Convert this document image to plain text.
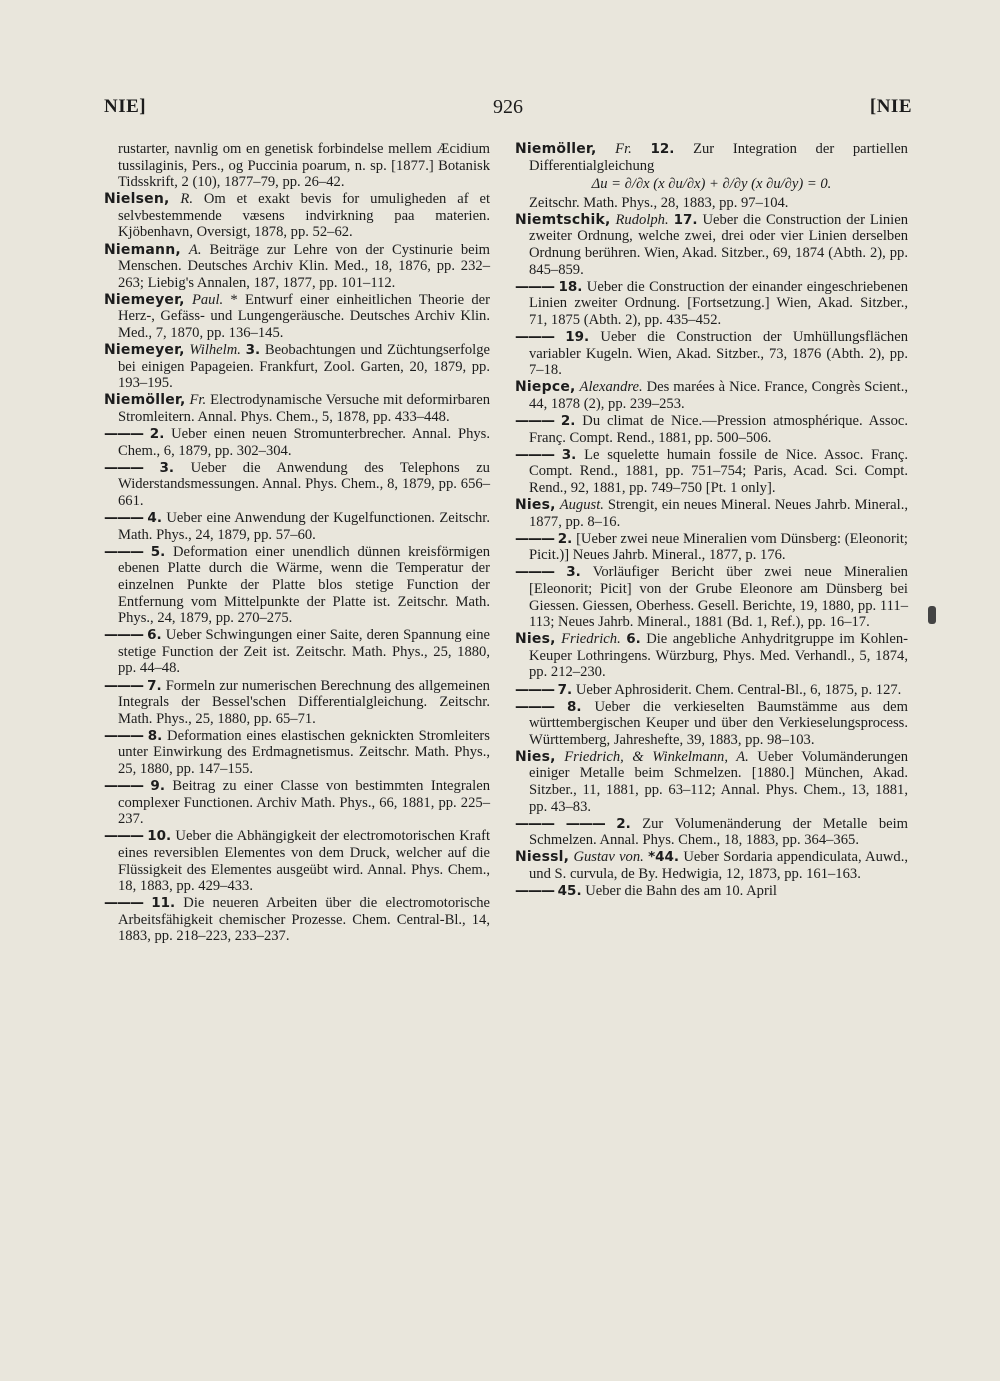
NIE]	926	[NIE
rustarter, navnlig om en genetisk forbindelse mellem Æcidium tussilaginis, Pers., og Puccinia poarum, n. sp. [1877.] Botanisk Tidsskrift, 2 (10), 1877–79, pp. 26–42.
Nielsen, R. Om et exakt bevis for umuligheden af et selvbestemmende væsens indvirkning paa materien. Kjöbenhavn, Oversigt, 1878, pp. 52–62.
Niemann, A. Beiträge zur Lehre von der Cystinurie beim Menschen. Deutsches Archiv Klin. Med., 18, 1876, pp. 232–263; Liebig's Annalen, 187, 1877, pp. 101–112.
Niemeyer, Paul. * Entwurf einer einheitlichen Theorie der Herz-, Gefäss- und Lungengeräusche. Deutsches Archiv Klin. Med., 7, 1870, pp. 136–145.
Niemeyer, Wilhelm. 3. Beobachtungen und Züchtungserfolge bei einigen Papageien. Frankfurt, Zool. Garten, 20, 1879, pp. 193–195.
Niemöller, Fr. Electrodynamische Versuche mit deformirbaren Stromleitern. Annal. Phys. Chem., 5, 1878, pp. 433–448.
——— 2. Ueber einen neuen Stromunterbrecher. Annal. Phys. Chem., 6, 1879, pp. 302–304.
——— 3. Ueber die Anwendung des Telephons zu Widerstandsmessungen. Annal. Phys. Chem., 8, 1879, pp. 656–661.
——— 4. Ueber eine Anwendung der Kugelfunctionen. Zeitschr. Math. Phys., 24, 1879, pp. 57–60.
——— 5. Deformation einer unendlich dünnen kreisförmigen ebenen Platte durch die Wärme, wenn die Temperatur der einzelnen Punkte der Platte blos stetige Function der Entfernung vom Mittelpunkte der Platte ist. Zeitschr. Math. Phys., 24, 1879, pp. 270–275.
——— 6. Ueber Schwingungen einer Saite, deren Spannung eine stetige Function der Zeit ist. Zeitschr. Math. Phys., 25, 1880, pp. 44–48.
——— 7. Formeln zur numerischen Berechnung des allgemeinen Integrals der Bessel'schen Differentialgleichung. Zeitschr. Math. Phys., 25, 1880, pp. 65–71.
——— 8. Deformation eines elastischen geknickten Stromleiters unter Einwirkung des Erdmagnetismus. Zeitschr. Math. Phys., 25, 1880, pp. 147–155.
——— 9. Beitrag zu einer Classe von bestimmten Integralen complexer Functionen. Archiv Math. Phys., 66, 1881, pp. 225–237.
——— 10. Ueber die Abhängigkeit der electromotorischen Kraft eines reversiblen Elementes von dem Druck, welcher auf die Flüssigkeit des Elementes ausgeübt wird. Annal. Phys. Chem., 18, 1883, pp. 429–433.
——— 11. Die neueren Arbeiten über die electromotorische Arbeitsfähigkeit chemischer Prozesse. Chem. Central-Bl., 14, 1883, pp. 218–223, 233–237.
Niemöller, Fr. 12. Zur Integration der partiellen Differentialgleichung
Δu = ∂/∂x (x ∂u/∂x) + ∂/∂y (x ∂u/∂y) = 0.
Zeitschr. Math. Phys., 28, 1883, pp. 97–104.
Niemtschik, Rudolph. 17. Ueber die Construction der Linien zweiter Ordnung, welche zwei, drei oder vier Linien derselben Ordnung berühren. Wien, Akad. Sitzber., 69, 1874 (Abth. 2), pp. 845–859.
——— 18. Ueber die Construction der einander eingeschriebenen Linien zweiter Ordnung. [Fortsetzung.] Wien, Akad. Sitzber., 71, 1875 (Abth. 2), pp. 435–452.
——— 19. Ueber die Construction der Umhüllungsflächen variabler Kugeln. Wien, Akad. Sitzber., 73, 1876 (Abth. 2), pp. 7–18.
Niepce, Alexandre. Des marées à Nice. France, Congrès Scient., 44, 1878 (2), pp. 239–253.
——— 2. Du climat de Nice.—Pression atmosphérique. Assoc. Franç. Compt. Rend., 1881, pp. 500–506.
——— 3. Le squelette humain fossile de Nice. Assoc. Franç. Compt. Rend., 1881, pp. 751–754; Paris, Acad. Sci. Compt. Rend., 92, 1881, pp. 749–750 [Pt. 1 only].
Nies, August. Strengit, ein neues Mineral. Neues Jahrb. Mineral., 1877, pp. 8–16.
——— 2. [Ueber zwei neue Mineralien vom Dünsberg: (Eleonorit; Picit.)] Neues Jahrb. Mineral., 1877, p. 176.
——— 3. Vorläufiger Bericht über zwei neue Mineralien [Eleonorit; Picit] von der Grube Eleonore am Dünsberg bei Giessen. Giessen, Oberhess. Gesell. Berichte, 19, 1880, pp. 111–113; Neues Jahrb. Mineral., 1881 (Bd. 1, Ref.), pp. 16–17.
Nies, Friedrich. 6. Die angebliche Anhydritgruppe im Kohlen-Keuper Lothringens. Würzburg, Phys. Med. Verhandl., 5, 1874, pp. 212–230.
——— 7. Ueber Aphrosiderit. Chem. Central-Bl., 6, 1875, p. 127.
——— 8. Ueber die verkieselten Baumstämme aus dem württembergischen Keuper und über den Verkieselungsprocess. Württemberg, Jahreshefte, 39, 1883, pp. 98–103.
Nies, Friedrich, & Winkelmann, A. Ueber Volumänderungen einiger Metalle beim Schmelzen. [1880.] München, Akad. Sitzber., 11, 1881, pp. 63–112; Annal. Phys. Chem., 13, 1881, pp. 43–83.
——— ——— 2. Zur Volumenänderung der Metalle beim Schmelzen. Annal. Phys. Chem., 18, 1883, pp. 364–365.
Niessl, Gustav von. *44. Ueber Sordaria appendiculata, Auwd., und S. curvula, de By. Hedwigia, 12, 1873, pp. 161–163.
——— 45. Ueber die Bahn des am 10. April
